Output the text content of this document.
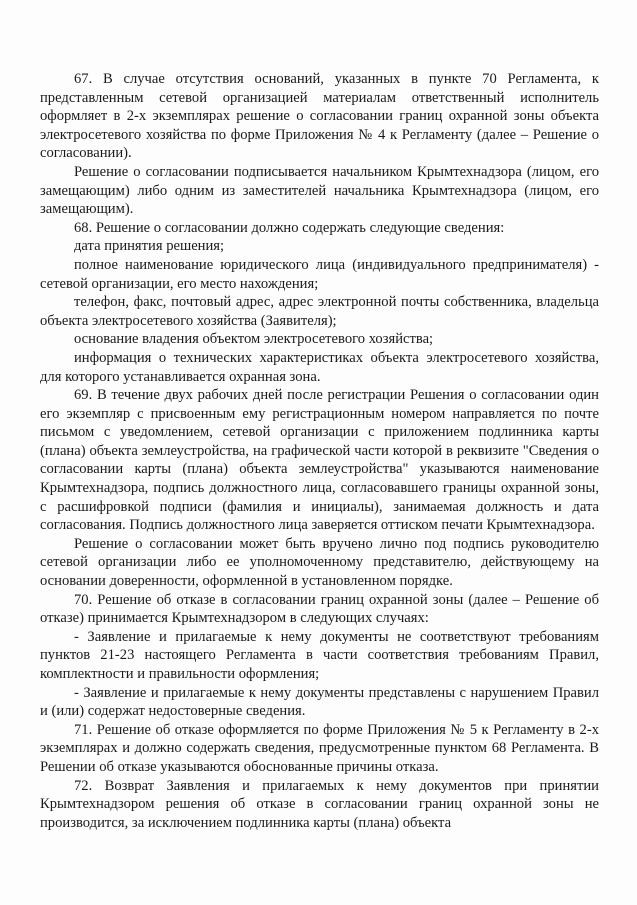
67. В случае отсутствия оснований, указанных в пункте 70 Регламента, к представленным сетевой организацией материалам ответственный исполнитель оформляет в 2-х экземплярах решение о согласовании границ охранной зоны объекта электросетевого хозяйства по форме Приложения № 4 к Регламенту (далее – Решение о согласовании).

Решение о согласовании подписывается начальником Крымтехнадзора (лицом, его замещающим) либо одним из заместителей начальника Крымтехнадзора (лицом, его замещающим).

68. Решение о согласовании должно содержать следующие сведения:

дата принятия решения;

полное наименование юридического лица (индивидуального предпринимателя) - сетевой организации, его место нахождения;

телефон, факс, почтовый адрес, адрес электронной почты собственника, владельца объекта электросетевого хозяйства (Заявителя);

основание владения объектом электросетевого хозяйства;

информация о технических характеристиках объекта электросетевого хозяйства, для которого устанавливается охранная зона.

69. В течение двух рабочих дней после регистрации Решения о согласовании один его экземпляр с присвоенным ему регистрационным номером направляется по почте письмом с уведомлением, сетевой организации с приложением подлинника карты (плана) объекта землеустройства, на графической части которой в реквизите "Сведения о согласовании карты (плана) объекта землеустройства" указываются наименование Крымтехнадзора, подпись должностного лица, согласовавшего границы охранной зоны, с расшифровкой подписи (фамилия и инициалы), занимаемая должность и дата согласования. Подпись должностного лица заверяется оттиском печати Крымтехнадзора.

Решение о согласовании может быть вручено лично под подпись руководителю сетевой организации либо ее уполномоченному представителю, действующему на основании доверенности, оформленной в установленном порядке.

70. Решение об отказе в согласовании границ охранной зоны (далее – Решение об отказе) принимается Крымтехнадзором в следующих случаях:

- Заявление и прилагаемые к нему документы не соответствуют требованиям пунктов 21-23 настоящего Регламента в части соответствия требованиям Правил, комплектности и правильности оформления;

- Заявление и прилагаемые к нему документы представлены с нарушением Правил и (или) содержат недостоверные сведения.

71. Решение об отказе оформляется по форме Приложения № 5 к Регламенту в 2-х экземплярах и должно содержать сведения, предусмотренные пунктом 68 Регламента. В Решении об отказе указываются обоснованные причины отказа.

72. Возврат Заявления и прилагаемых к нему документов при принятии Крымтехнадзором решения об отказе в согласовании границ охранной зоны не производится, за исключением подлинника карты (плана) объекта
